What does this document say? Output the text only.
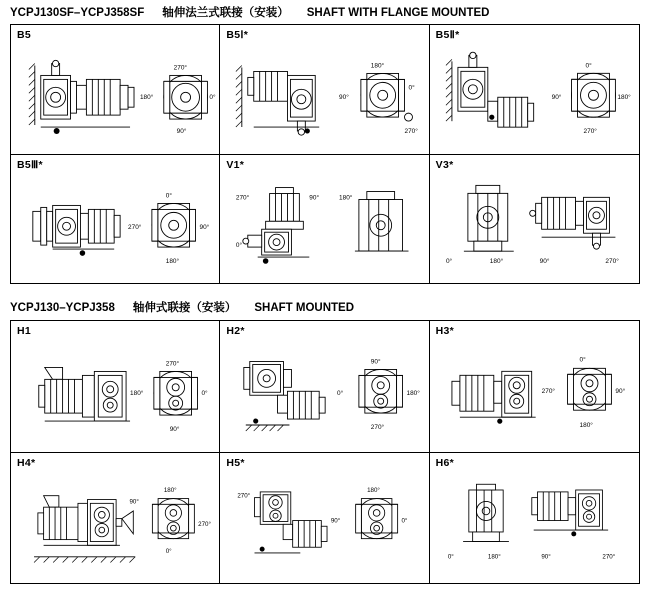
YCPJ130SF–YCPJ358SF 轴伸法兰式联接（安装） SHAFT WITH FLANGE MOUNTED
B5
270°
180°	0°
90°
B5Ⅰ*
180°
90°
0°
270°
B5Ⅱ*
0°
90°	180°
270°
B5Ⅲ*
0°
270°	90°
180°
V1*
270°	90°	180°
0°
V3*
0°	180°	90°	270°
YCPJ130–YCPJ358 轴伸式联接（安装） SHAFT MOUNTED
H1
270°
180°	0°
90°
H2*
90°
0°	180°
270°
H3*
0°
270°	90°
180°
H4*
180°
90°
270°
0°
H5*
270°
90°
180°
0°
H6*
0°	180°	90°	270°
